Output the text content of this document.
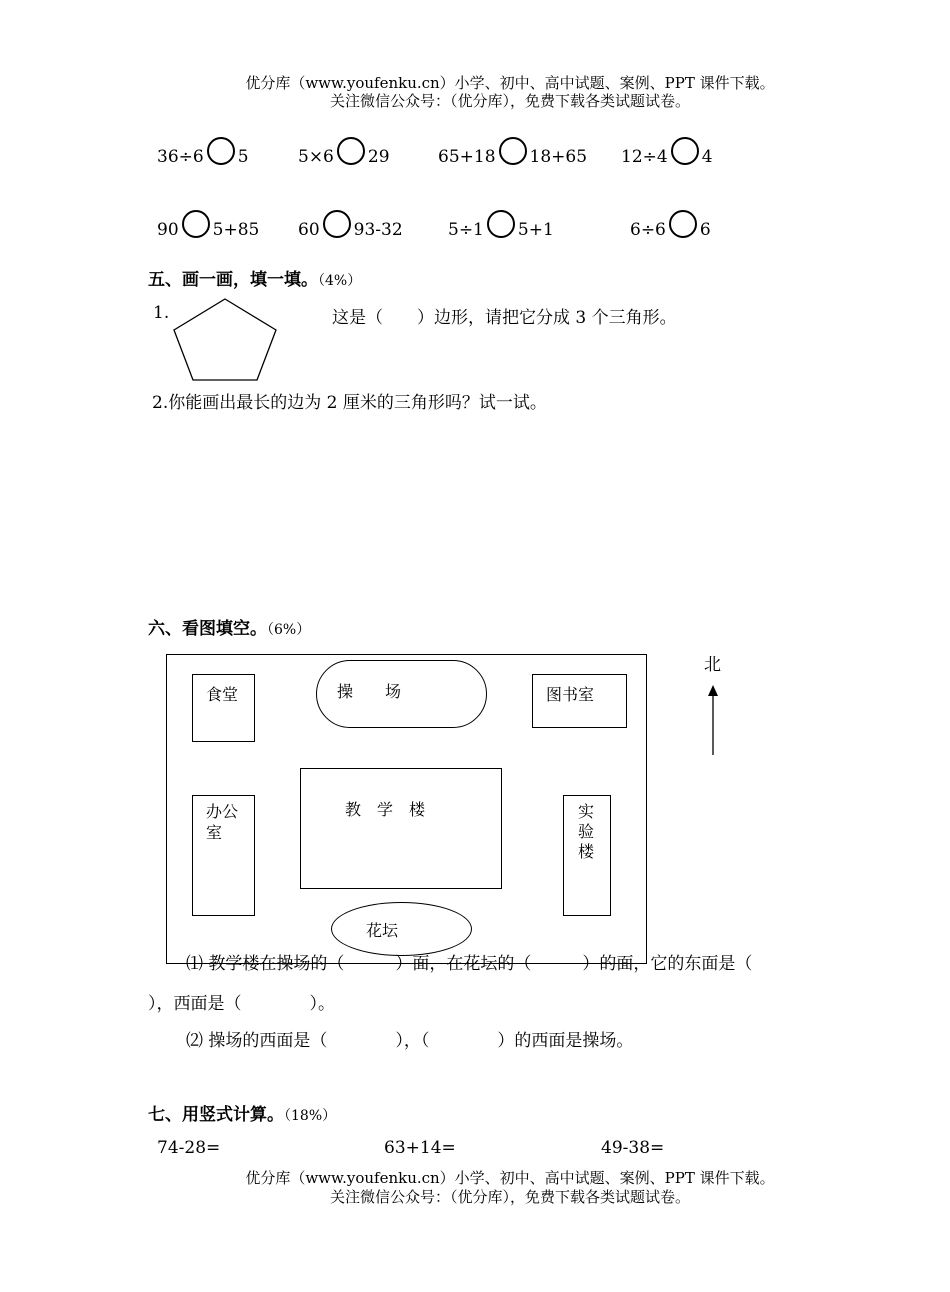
优分库（www.youfenku.cn）小学、初中、高中试题、案例、PPT 课件下载。
关注微信公众号：（优分库），免费下载各类试题试卷。
36÷6 5	5×6 29	65+18 18+65 12÷4 4
90 5+85 60 93-32	5÷1 5+1	6÷6 6
五、画一画，填一填。（4%）
1.	这是（　　）边形，请把它分成 3 个三角形。
2.你能画出最长的边为 2 厘米的三角形吗？试一试。
六、看图填空。（6%）
食堂	操　　场	图书室
办公
室
教　学　楼	实
验
楼
花坛
北
⑴ 教学楼在操场的（　　　）面，在花坛的（　　　）的面，它的东面是（
），西面是（　　　　）。
⑵ 操场的西面是（　　　　），（　　　　）的西面是操场。
七、用竖式计算。（18%）
74-28=	63+14=	49-38=
优分库（www.youfenku.cn）小学、初中、高中试题、案例、PPT 课件下载。
关注微信公众号：（优分库），免费下载各类试题试卷。
